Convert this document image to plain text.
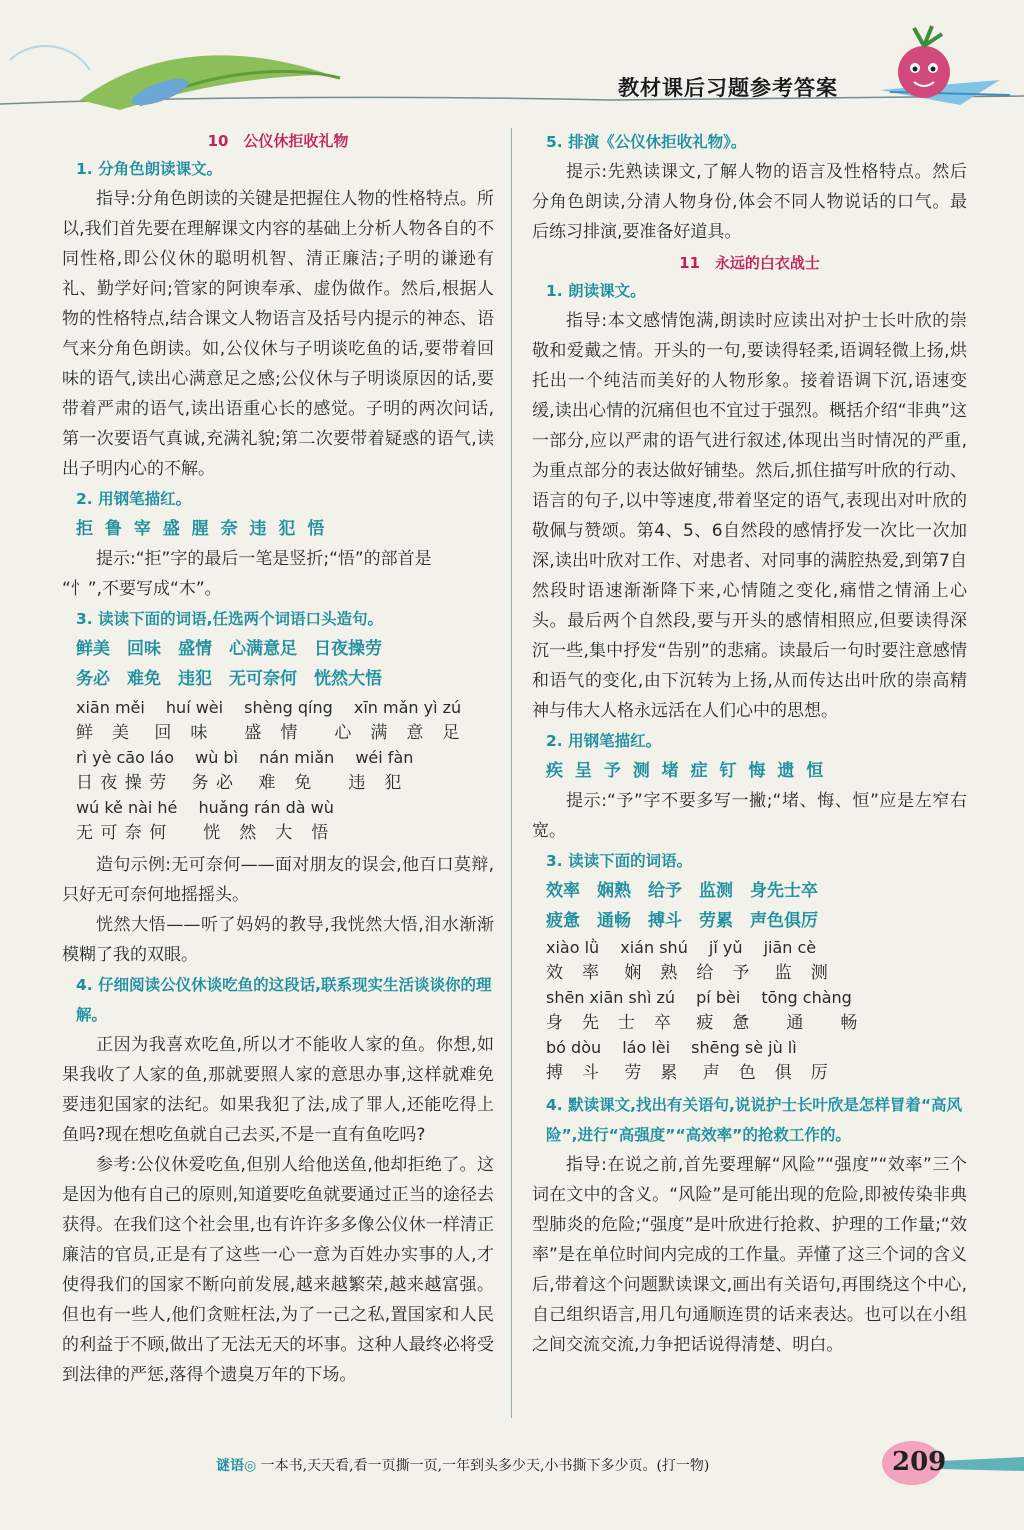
教材课后习题参考答案
10　公仪休拒收礼物
1. 分角色朗读课文。

指导:分角色朗读的关键是把握住人物的性格特点。所以,我们首先要在理解课文内容的基础上分析人物各自的不同性格,即公仪休的聪明机智、清正廉洁;子明的谦逊有礼、勤学好问;管家的阿谀奉承、虚伪做作。然后,根据人物的性格特点,结合课文人物语言及括号内提示的神态、语气来分角色朗读。如,公仪休与子明谈吃鱼的话,要带着回味的语气,读出心满意足之感;公仪休与子明谈原因的话,要带着严肃的语气,读出语重心长的感觉。子明的两次问话,第一次要语气真诚,充满礼貌;第二次要带着疑惑的语气,读出子明内心的不解。

2. 用钢笔描红。
拒 鲁 宰 盛 腥 奈 违 犯 悟
提示:“拒”字的最后一笔是竖折;“悟”的部首是
“忄”,不要写成“木”。
3. 读读下面的词语,任选两个词语口头造句。
鲜美　回味　盛情　心满意足　日夜操劳
务必　难免　违犯　无可奈何　恍然大悟
xiān měi　 huí wèi　 shèng qíng　 xīn mǎn yì zú
鲜　美　 回　味　　盛　情　　心　满　意　足
rì yè cāo láo　 wù bì　 nán miǎn　 wéi fàn
日 夜 操 劳　 务 必　 难　免　　违　犯
wú kě nài hé　 huǎng rán dà wù
无 可 奈 何　　恍　然　大　悟

造句示例:无可奈何——面对朋友的误会,他百口莫辩,只好无可奈何地摇摇头。

恍然大悟——听了妈妈的教导,我恍然大悟,泪水渐渐模糊了我的双眼。

4. 仔细阅读公仪休谈吃鱼的这段话,联系现实生活谈谈你的理解。

正因为我喜欢吃鱼,所以才不能收人家的鱼。你想,如果我收了人家的鱼,那就要照人家的意思办事,这样就难免要违犯国家的法纪。如果我犯了法,成了罪人,还能吃得上鱼吗?现在想吃鱼就自己去买,不是一直有鱼吃吗?

参考:公仪休爱吃鱼,但别人给他送鱼,他却拒绝了。这是因为他有自己的原则,知道要吃鱼就要通过正当的途径去获得。在我们这个社会里,也有许许多多像公仪休一样清正廉洁的官员,正是有了这些一心一意为百姓办实事的人,才使得我们的国家不断向前发展,越来越繁荣,越来越富强。但也有一些人,他们贪赃枉法,为了一己之私,置国家和人民的利益于不顾,做出了无法无天的坏事。这种人最终必将受到法律的严惩,落得个遗臭万年的下场。

5. 排演《公仪休拒收礼物》。

提示:先熟读课文,了解人物的语言及性格特点。然后分角色朗读,分清人物身份,体会不同人物说话的口气。最后练习排演,要准备好道具。

11　永远的白衣战士
1. 朗读课文。

指导:本文感情饱满,朗读时应读出对护士长叶欣的崇敬和爱戴之情。开头的一句,要读得轻柔,语调轻微上扬,烘托出一个纯洁而美好的人物形象。接着语调下沉,语速变缓,读出心情的沉痛但也不宜过于强烈。概括介绍“非典”这一部分,应以严肃的语气进行叙述,体现出当时情况的严重,为重点部分的表达做好铺垫。然后,抓住描写叶欣的行动、语言的句子,以中等速度,带着坚定的语气,表现出对叶欣的敬佩与赞颂。第4、5、6自然段的感情抒发一次比一次加深,读出叶欣对工作、对患者、对同事的满腔热爱,到第7自然段时语速渐渐降下来,心情随之变化,痛惜之情涌上心头。最后两个自然段,要与开头的感情相照应,但要读得深沉一些,集中抒发“告别”的悲痛。读最后一句时要注意感情和语气的变化,由下沉转为上扬,从而传达出叶欣的崇高精神与伟大人格永远活在人们心中的思想。

2. 用钢笔描红。
疾 呈 予 测 堵 症 钉 悔 遗 恒

提示:“予”字不要多写一撇;“堵、悔、恒”应是左窄右宽。

3. 读读下面的词语。
效率　娴熟　给予　监测　身先士卒
疲惫　通畅　搏斗　劳累　声色俱厉
xiào lǜ　 xián shú　 jǐ yǔ　 jiān cè
效　率　 娴　熟　给　予　 监　测
shēn xiān shì zú　 pí bèi　 tōng chàng
身　先　士　卒　 疲　惫　　通　　畅
bó dòu　 láo lèi　 shēng sè jù lì
搏　斗　 劳　累　 声　色　俱　厉
4. 默读课文,找出有关语句,说说护士长叶欣是怎样冒着“高风险”,进行“高强度”“高效率”的抢救工作的。

指导:在说之前,首先要理解“风险”“强度”“效率”三个词在文中的含义。“风险”是可能出现的危险,即被传染非典型肺炎的危险;“强度”是叶欣进行抢救、护理的工作量;“效率”是在单位时间内完成的工作量。弄懂了这三个词的含义后,带着这个问题默读课文,画出有关语句,再围绕这个中心,自己组织语言,用几句通顺连贯的话来表达。也可以在小组之间交流交流,力争把话说得清楚、明白。

谜语◎ 一本书,天天看,看一页撕一页,一年到头多少天,小书撕下多少页。(打一物)	209
